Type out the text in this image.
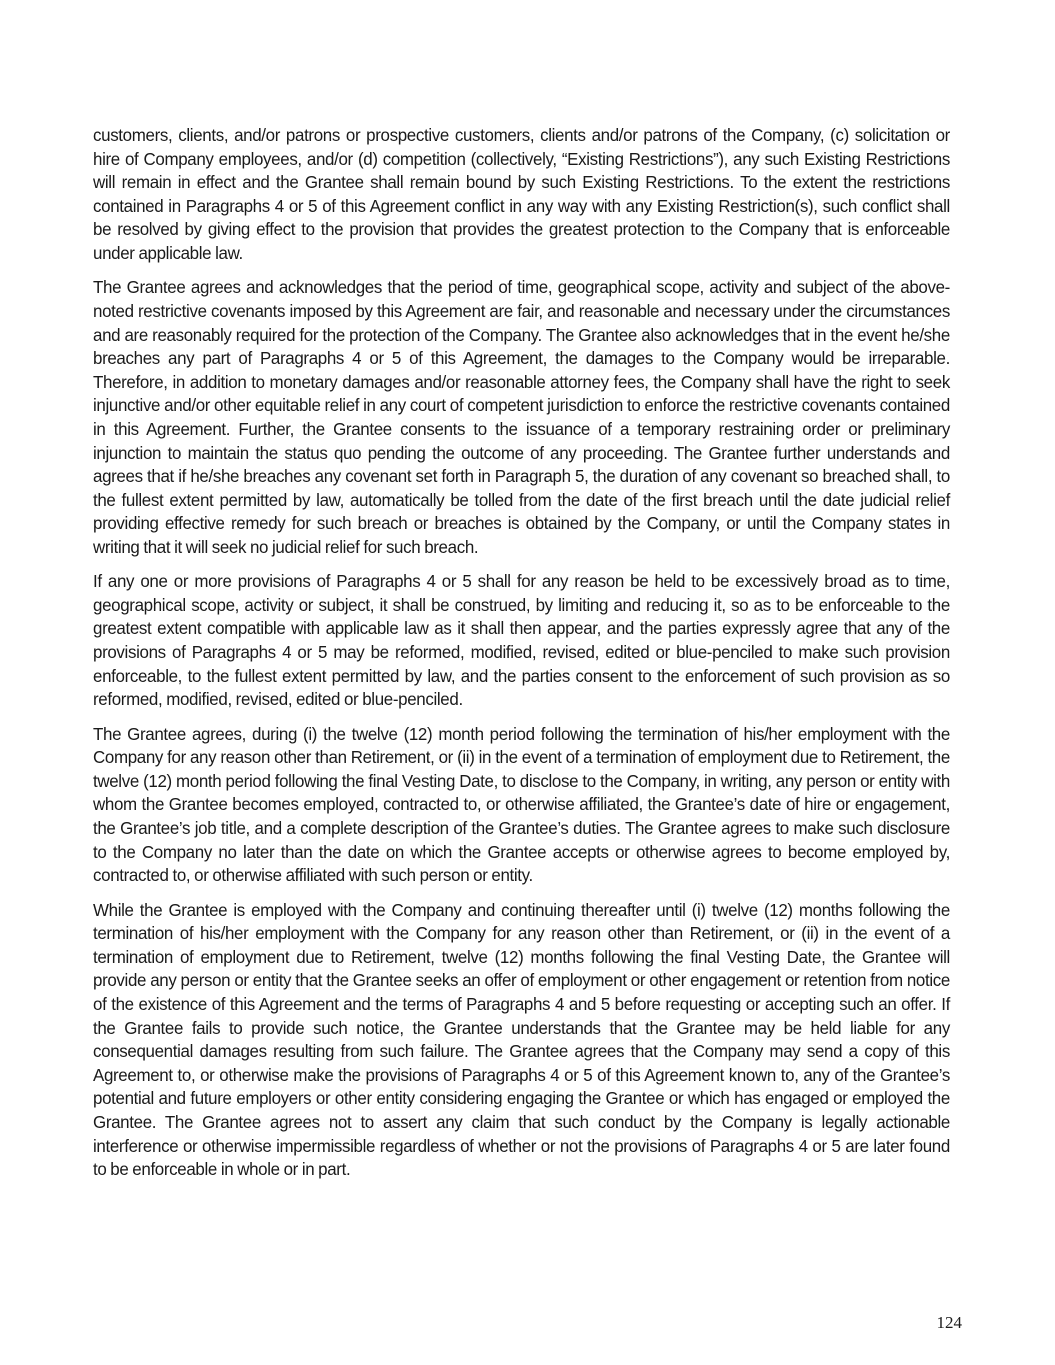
customers, clients, and/or patrons or prospective customers, clients and/or patrons of the Company, (c) solicitation or hire of Company employees, and/or (d) competition (collectively, “Existing Restrictions”), any such Existing Restrictions will remain in effect and the Grantee shall remain bound by such Existing Restrictions. To the extent the restrictions contained in Paragraphs 4 or 5 of this Agreement conflict in any way with any Existing Restriction(s), such conflict shall be resolved by giving effect to the provision that provides the greatest protection to the Company that is enforceable under applicable law.

The Grantee agrees and acknowledges that the period of time, geographical scope, activity and subject of the above-noted restrictive covenants imposed by this Agreement are fair, and reasonable and necessary under the circumstances and are reasonably required for the protection of the Company. The Grantee also acknowledges that in the event he/she breaches any part of Paragraphs 4 or 5 of this Agreement, the damages to the Company would be irreparable. Therefore, in addition to monetary damages and/or reasonable attorney fees, the Company shall have the right to seek injunctive and/or other equitable relief in any court of competent jurisdiction to enforce the restrictive covenants contained in this Agreement. Further, the Grantee consents to the issuance of a temporary restraining order or preliminary injunction to maintain the status quo pending the outcome of any proceeding. The Grantee further understands and agrees that if he/she breaches any covenant set forth in Paragraph 5, the duration of any covenant so breached shall, to the fullest extent permitted by law, automatically be tolled from the date of the first breach until the date judicial relief providing effective remedy for such breach or breaches is obtained by the Company, or until the Company states in writing that it will seek no judicial relief for such breach.

If any one or more provisions of Paragraphs 4 or 5 shall for any reason be held to be excessively broad as to time, geographical scope, activity or subject, it shall be construed, by limiting and reducing it, so as to be enforceable to the greatest extent compatible with applicable law as it shall then appear, and the parties expressly agree that any of the provisions of Paragraphs 4 or 5 may be reformed, modified, revised, edited or blue-penciled to make such provision enforceable, to the fullest extent permitted by law, and the parties consent to the enforcement of such provision as so reformed, modified, revised, edited or blue-penciled.

The Grantee agrees, during (i) the twelve (12) month period following the termination of his/her employment with the Company for any reason other than Retirement, or (ii) in the event of a termination of employment due to Retirement, the twelve (12) month period following the final Vesting Date, to disclose to the Company, in writing, any person or entity with whom the Grantee becomes employed, contracted to, or otherwise affiliated, the Grantee’s date of hire or engagement, the Grantee’s job title, and a complete description of the Grantee’s duties. The Grantee agrees to make such disclosure to the Company no later than the date on which the Grantee accepts or otherwise agrees to become employed by, contracted to, or otherwise affiliated with such person or entity.

While the Grantee is employed with the Company and continuing thereafter until (i) twelve (12) months following the termination of his/her employment with the Company for any reason other than Retirement, or (ii) in the event of a termination of employment due to Retirement, twelve (12) months following the final Vesting Date, the Grantee will provide any person or entity that the Grantee seeks an offer of employment or other engagement or retention from notice of the existence of this Agreement and the terms of Paragraphs 4 and 5 before requesting or accepting such an offer. If the Grantee fails to provide such notice, the Grantee understands that the Grantee may be held liable for any consequential damages resulting from such failure. The Grantee agrees that the Company may send a copy of this Agreement to, or otherwise make the provisions of Paragraphs 4 or 5 of this Agreement known to, any of the Grantee’s potential and future employers or other entity considering engaging the Grantee or which has engaged or employed the Grantee. The Grantee agrees not to assert any claim that such conduct by the Company is legally actionable interference or otherwise impermissible regardless of whether or not the provisions of Paragraphs 4 or 5 are later found to be enforceable in whole or in part.

124
